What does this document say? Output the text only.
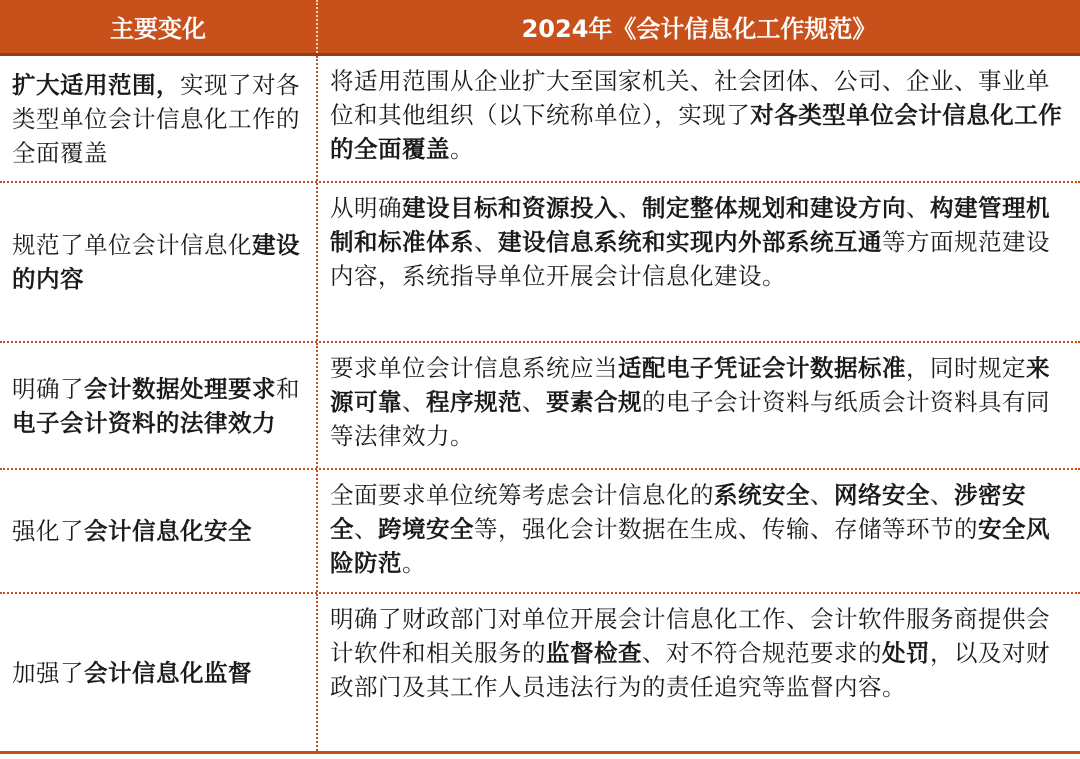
主要变化	2024年《会计信息化工作规范》
扩大适用范围，实现了对各类型单位会计信息化工作的全面覆盖
将适用范围从企业扩大至国家机关、社会团体、公司、企业、事业单位和其他组织（以下统称单位），实现了对各类型单位会计信息化工作的全面覆盖。
规范了单位会计信息化建设的内容
从明确建设目标和资源投入、制定整体规划和建设方向、构建管理机制和标准体系、建设信息系统和实现内外部系统互通等方面规范建设内容，系统指导单位开展会计信息化建设。
明确了会计数据处理要求和电子会计资料的法律效力
要求单位会计信息系统应当适配电子凭证会计数据标准，同时规定来源可靠、程序规范、要素合规的电子会计资料与纸质会计资料具有同等法律效力。
强化了会计信息化安全
全面要求单位统筹考虑会计信息化的系统安全、网络安全、涉密安全、跨境安全等，强化会计数据在生成、传输、存储等环节的安全风险防范。
加强了会计信息化监督
明确了财政部门对单位开展会计信息化工作、会计软件服务商提供会计软件和相关服务的监督检查、对不符合规范要求的处罚，以及对财政部门及其工作人员违法行为的责任追究等监督内容。
